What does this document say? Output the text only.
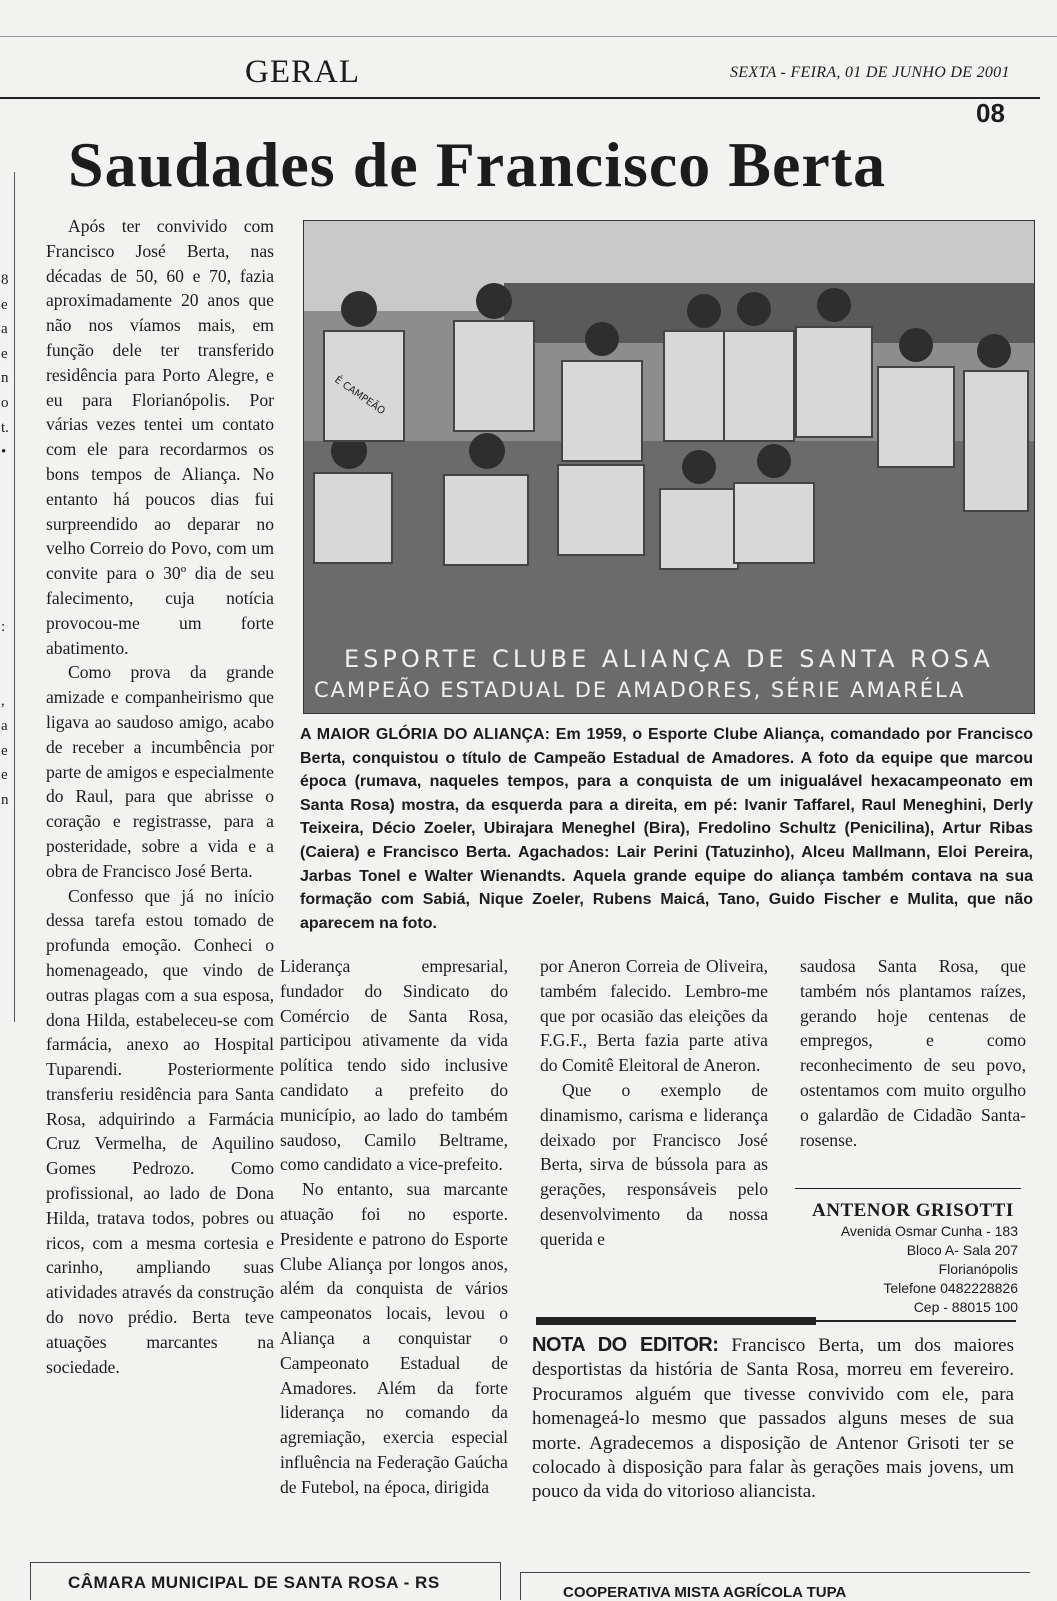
GERAL	SEXTA - FEIRA, 01 DE JUNHO DE 2001
08
Saudades de Francisco Berta
8
e
a
e
n
o
t.
•
:
,
a
e
e
n

Após ter convivido com Francisco José Berta, nas décadas de 50, 60 e 70, fazia aproximadamente 20 anos que não nos víamos mais, em função dele ter transferido residência para Porto Alegre, e eu para Florianópolis. Por várias vezes tentei um contato com ele para recordarmos os bons tempos de Aliança. No entanto há poucos dias fui surpreendido ao deparar no velho Correio do Povo, com um convite para o 30º dia de seu falecimento, cuja notícia provocou-me um forte abatimento.

Como prova da grande amizade e companheirismo que ligava ao saudoso amigo, acabo de receber a incumbência por parte de amigos e especialmente do Raul, para que abrisse o coração e registrasse, para a posteridade, sobre a vida e a obra de Francisco José Berta.

Confesso que já no início dessa tarefa estou tomado de profunda emoção. Conheci o homenageado, que vindo de outras plagas com a sua esposa, dona Hilda, estabeleceu-se com farmácia, anexo ao Hospital Tuparendi. Posteriormente transferiu residência para Santa Rosa, adquirindo a Farmácia Cruz Vermelha, de Aquilino Gomes Pedrozo. Como profissional, ao lado de Dona Hilda, tratava todos, pobres ou ricos, com a mesma cortesia e carinho, ampliando suas atividades através da construção do novo prédio. Berta teve atuações marcantes na sociedade.

ESPORTE CLUBE ALIANÇA DE SANTA ROSA
CAMPEÃO ESTADUAL DE AMADORES, SÉRIE AMARÉLA
É CAMPEÃO
A MAIOR GLÓRIA DO ALIANÇA: Em 1959, o Esporte Clube Aliança, comandado por Francisco Berta, conquistou o título de Campeão Estadual de Amadores. A foto da equipe que marcou época (rumava, naqueles tempos, para a conquista de um inigualável hexacampeonato em Santa Rosa) mostra, da esquerda para a direita, em pé: Ivanir Taffarel, Raul Meneghini, Derly Teixeira, Décio Zoeler, Ubirajara Meneghel (Bira), Fredolino Schultz (Penicilina), Artur Ribas (Caiera) e Francisco Berta. Agachados: Lair Perini (Tatuzinho), Alceu Mallmann, Eloi Pereira, Jarbas Tonel e Walter Wienandts. Aquela grande equipe do aliança também contava na sua formação com Sabiá, Nique Zoeler, Rubens Maicá, Tano, Guido Fischer e Mulita, que não aparecem na foto.

Liderança empresarial, fundador do Sindicato do Comércio de Santa Rosa, participou ativamente da vida política tendo sido inclusive candidato a prefeito do município, ao lado do também saudoso, Camilo Beltrame, como candidato a vice-prefeito.

No entanto, sua marcante atuação foi no esporte. Presidente e patrono do Esporte Clube Aliança por longos anos, além da conquista de vários campeonatos locais, levou o Aliança a conquistar o Campeonato Estadual de Amadores. Além da forte liderança no comando da agremiação, exercia especial influência na Federação Gaúcha de Futebol, na época, dirigida

por Aneron Correia de Oliveira, também falecido. Lembro-me que por ocasião das eleições da F.G.F., Berta fazia parte ativa do Comitê Eleitoral de Aneron.

Que o exemplo de dinamismo, carisma e liderança deixado por Francisco José Berta, sirva de bússola para as gerações, responsáveis pelo desenvolvimento da nossa querida e

saudosa Santa Rosa, que também nós plantamos raízes, gerando hoje centenas de empregos, e como reconhecimento de seu povo, ostentamos com muito orgulho o galardão de Cidadão Santa-rosense.

ANTENOR GRISOTTI
Avenida Osmar Cunha - 183
Bloco A- Sala 207
Florianópolis
Telefone 0482228826
Cep - 88015 100
NOTA DO EDITOR: Francisco Berta, um dos maiores desportistas da história de Santa Rosa, morreu em fevereiro. Procuramos alguém que tivesse convivido com ele, para homenageá-lo mesmo que passados alguns meses de sua morte. Agradecemos a disposição de Antenor Grisoti ter se colocado à disposição para falar às gerações mais jovens, um pouco da vida do vitorioso aliancista.
CÂMARA MUNICIPAL DE SANTA ROSA - RS
COOPERATIVA MISTA AGRÍCOLA TUPA
